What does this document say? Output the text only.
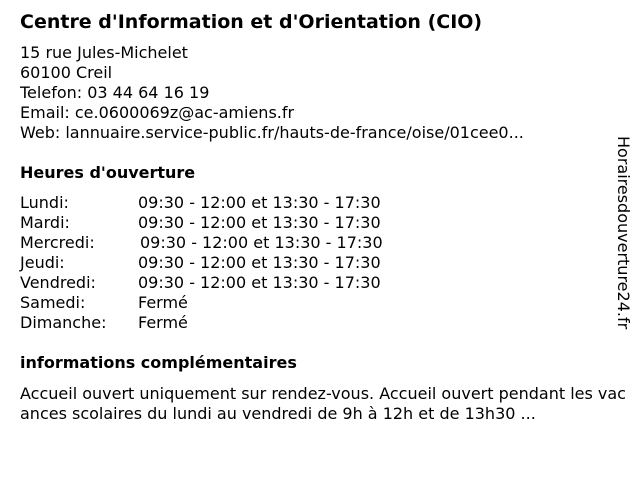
Centre d'Information et d'Orientation (CIO)
15 rue Jules-Michelet
60100 Creil
Telefon: 03 44 64 16 19
Email: ce.0600069z@ac-amiens.fr
Web: lannuaire.service-public.fr/hauts-de-france/oise/01cee0...
Heures d'ouverture
Lundi:	09:30 - 12:00 et 13:30 - 17:30
Mardi:	09:30 - 12:00 et 13:30 - 17:30
Mercredi:	09:30 - 12:00 et 13:30 - 17:30
Jeudi:	09:30 - 12:00 et 13:30 - 17:30
Vendredi:	09:30 - 12:00 et 13:30 - 17:30
Samedi:	Fermé
Dimanche: Fermé
informations complémentaires
Accueil ouvert uniquement sur rendez-vous. Accueil ouvert pendant les vacances scolaires du lundi au vendredi de 9h à 12h et de 13h30 ...
Horairesdouverture24.fr
